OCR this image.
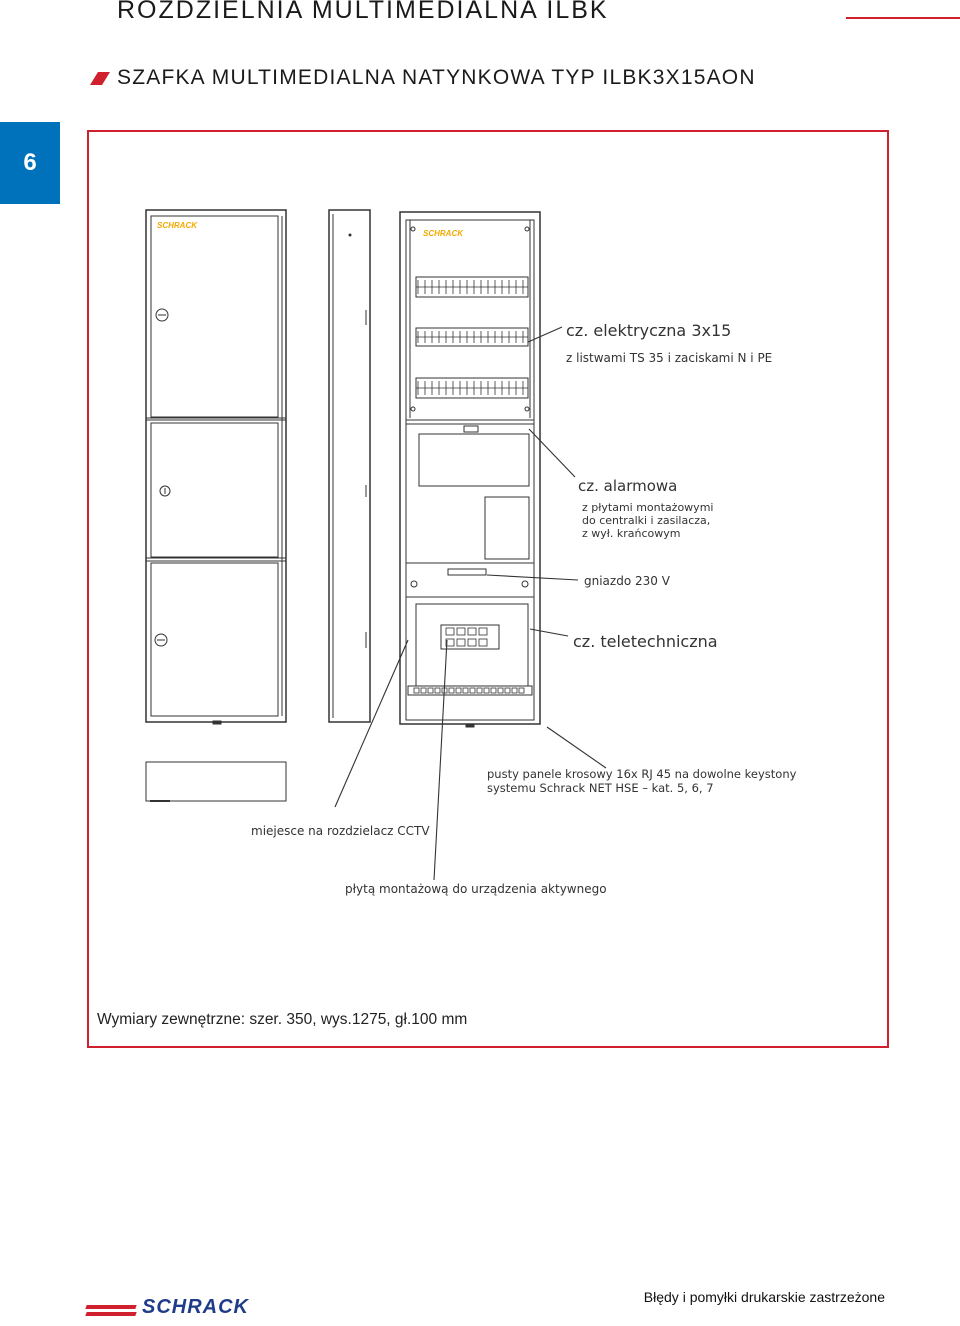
ROZDZIELNIA MULTIMEDIALNA ILBK
SZAFKA MULTIMEDIALNA NATYNKOWA TYP ILBK3X15AON
6
SCHRACK
SCHRACK
cz. elektryczna 3x15
z listwami TS 35 i zaciskami N i PE
cz. alarmowa
z płytami montażowymi
do centralki i zasilacza,
z wył. krańcowym
gniazdo 230 V
cz. teletechniczna
pusty panele krosowy 16x RJ 45 na dowolne keystony
systemu Schrack NET HSE – kat. 5, 6, 7
miejesce na rozdzielacz CCTV
płytą montażową do urządzenia aktywnego
Wymiary zewnętrzne: szer. 350, wys.1275, gł.100 mm
SCHRACK	Błędy i pomyłki drukarskie zastrzeżone
